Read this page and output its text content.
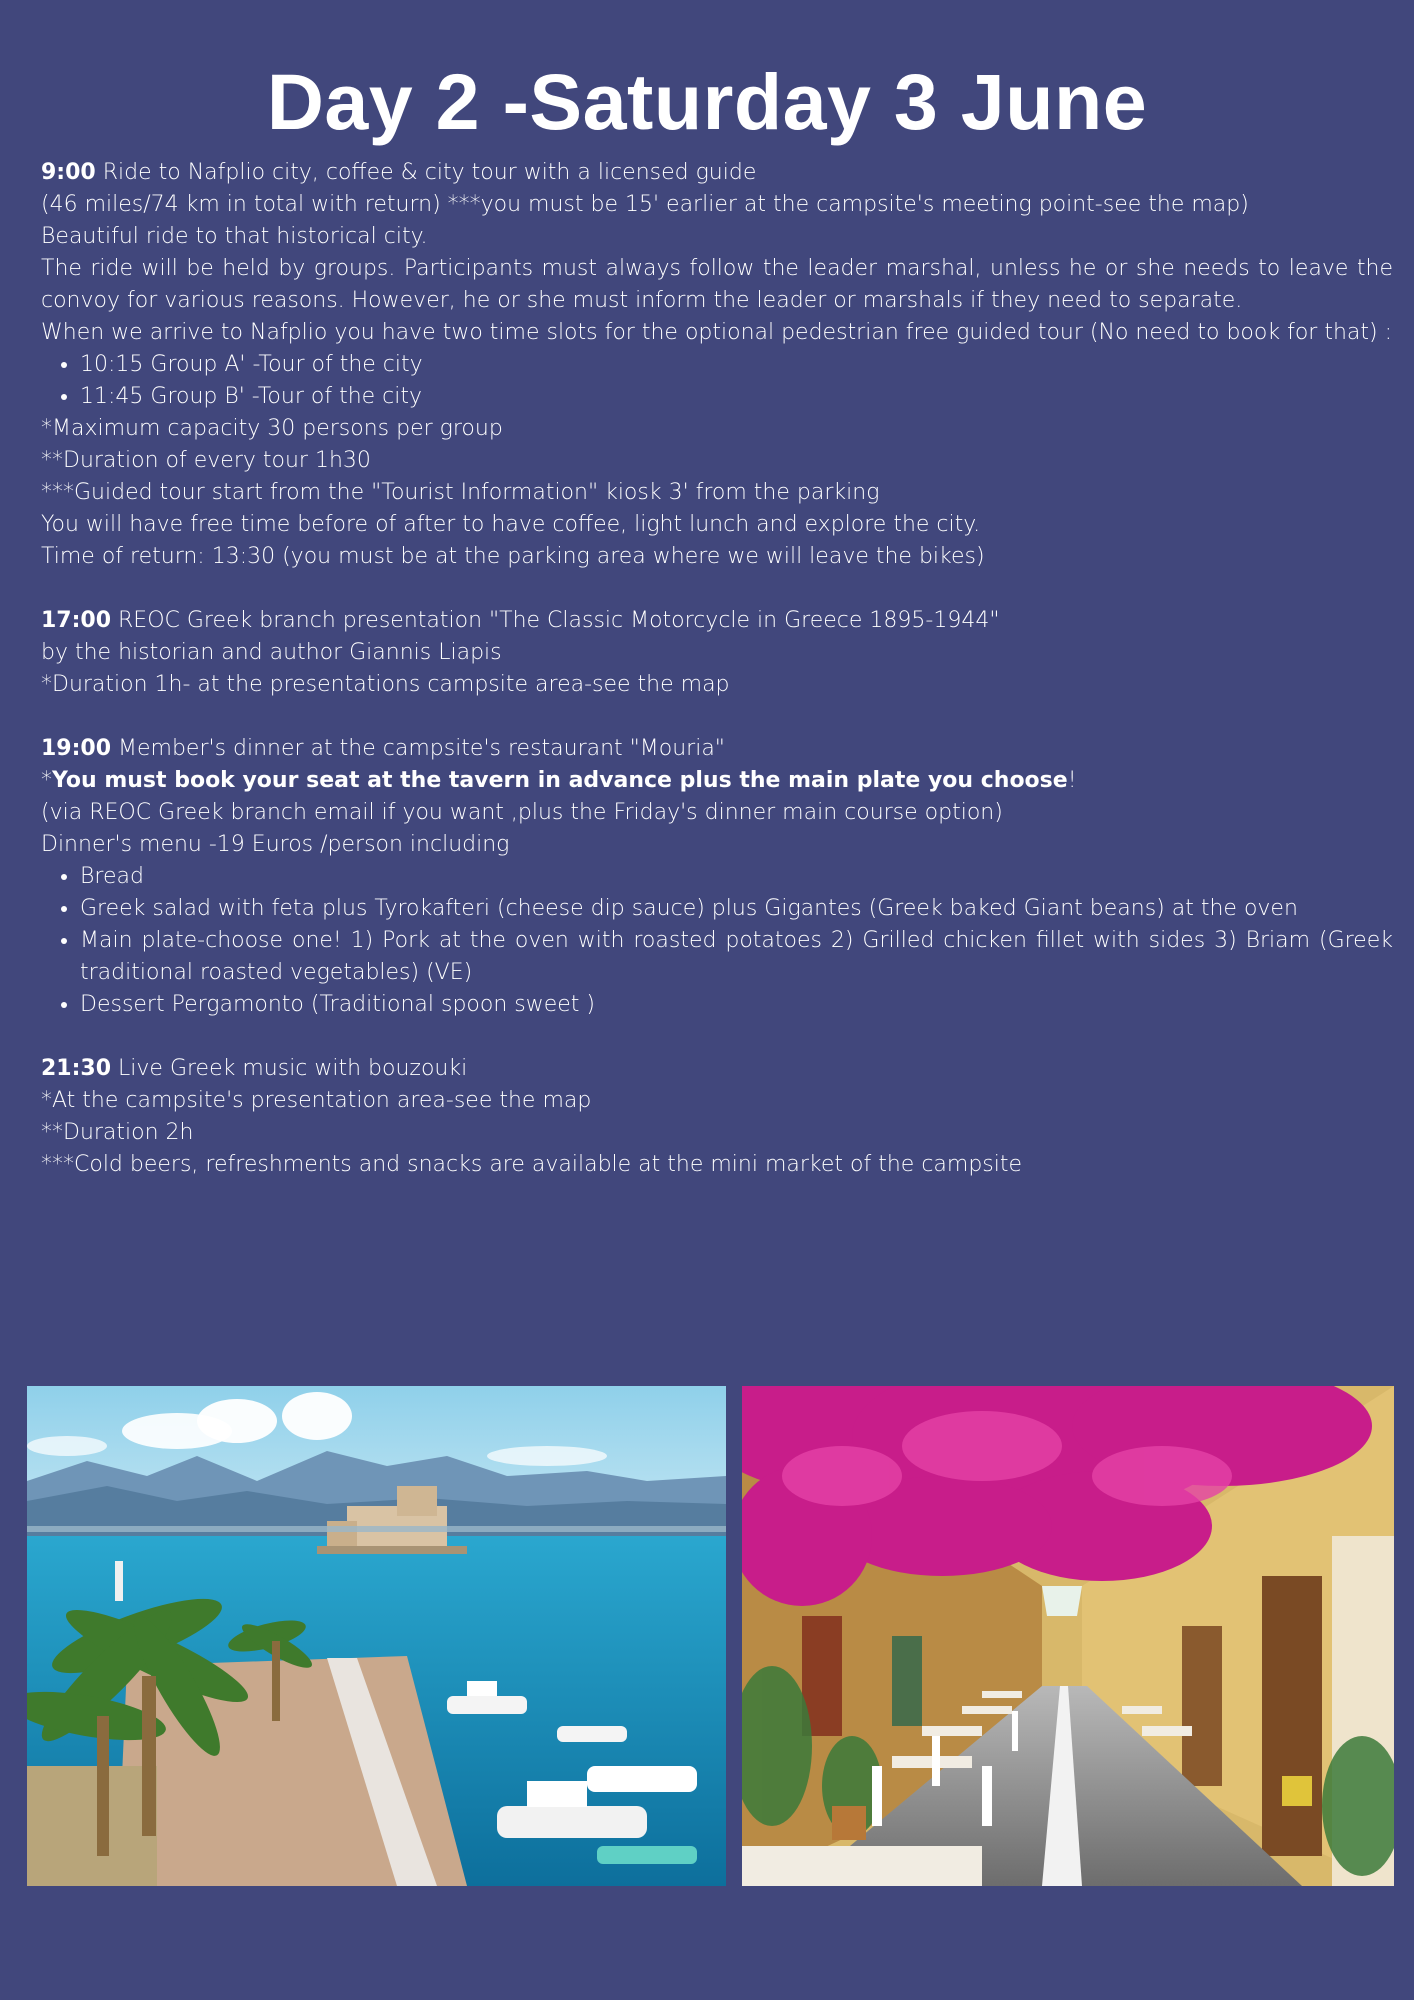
Day 2 -Saturday 3 June

9:00 Ride to Nafplio city, coffee & city tour with a licensed guide

(46 miles/74 km in total with return) ***you must be 15' earlier at the campsite's meeting point-see the map)

Beautiful ride to that historical city.

The ride will be held by groups. Participants must always follow the leader marshal, unless he or she needs to leave the convoy for various reasons. However, he or she must inform the leader or marshals if they need to separate.

When we arrive to Nafplio you have two time slots for the optional pedestrian free guided tour (No need to book for that) :

• 10:15 Group A' -Tour of the city
• 11:45 Group B' -Tour of the city

*Maximum capacity 30 persons per group

**Duration of every tour 1h30

***Guided tour start from the "Tourist Information" kiosk 3' from the parking

You will have free time before of after to have coffee, light lunch and explore the city.

Time of return: 13:30 (you must be at the parking area where we will leave the bikes)

17:00 REOC Greek branch presentation "The Classic Motorcycle in Greece 1895-1944"

by the historian and author Giannis Liapis

*Duration 1h- at the presentations campsite area-see the map

19:00 Member's dinner at the campsite's restaurant "Mouria"

*You must book your seat at the tavern in advance plus the main plate you choose!

(via REOC Greek branch email if you want ,plus the Friday's dinner main course option)

Dinner's menu -19 Euros /person including

• Bread
• Greek salad with feta plus Tyrokafteri (cheese dip sauce) plus Gigantes (Greek baked Giant beans) at the oven
• Main plate-choose one! 1) Pork at the oven with roasted potatoes 2) Grilled chicken fillet with sides 3) Briam (Greek traditional roasted vegetables) (VE)
• Dessert Pergamonto (Traditional spoon sweet )

21:30 Live Greek music with bouzouki

*At the campsite's presentation area-see the map

**Duration 2h

***Cold beers, refreshments and snacks are available at the mini market of the campsite
